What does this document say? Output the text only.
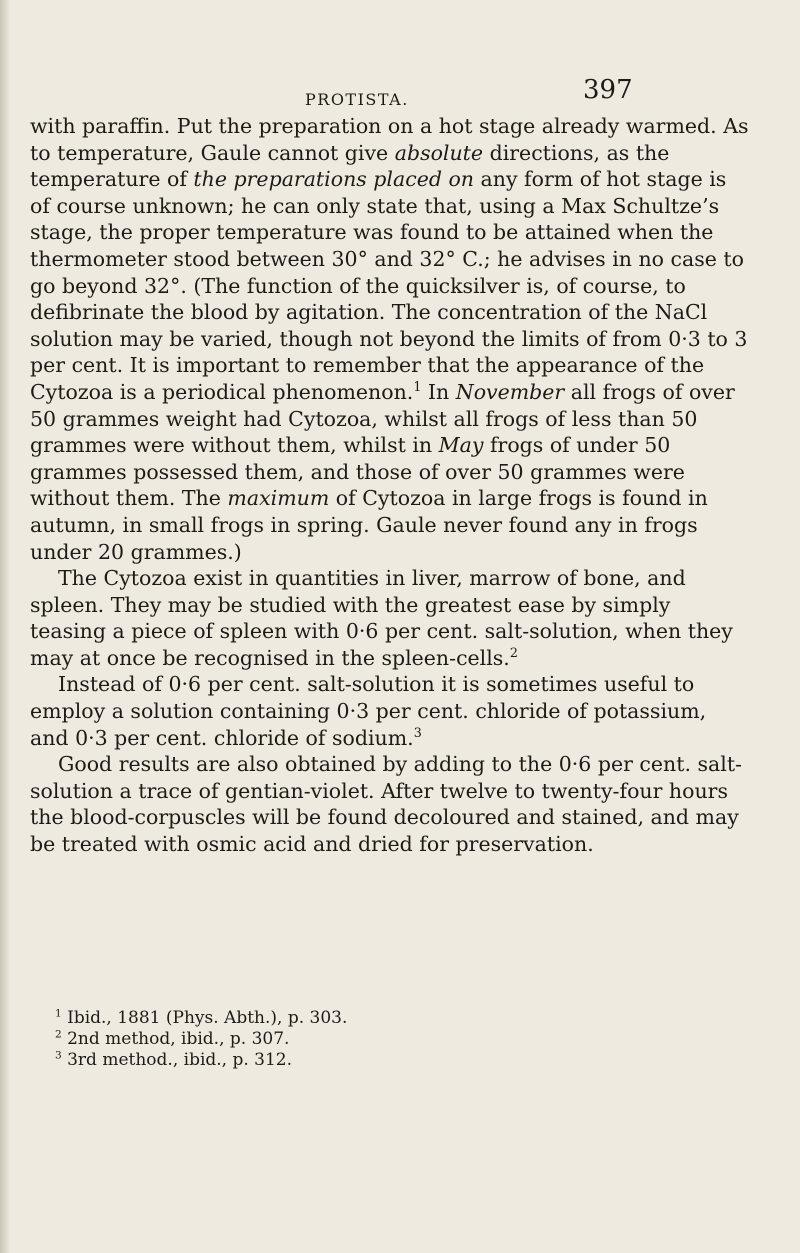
PROTISTA.	397

with paraffin. Put the preparation on a hot stage already warmed. As to temperature, Gaule cannot give absolute directions, as the temperature of the preparations placed on any form of hot stage is of course unknown; he can only state that, using a Max Schultze’s stage, the proper temperature was found to be attained when the thermometer stood between 30° and 32° C.; he advises in no case to go beyond 32°. (The function of the quicksilver is, of course, to defibrinate the blood by agitation. The concentration of the NaCl solution may be varied, though not beyond the limits of from 0·3 to 3 per cent. It is important to remember that the appearance of the Cytozoa is a periodical phenomenon.$^1$ In November all frogs of over 50 grammes weight had Cytozoa, whilst all frogs of less than 50 grammes were without them, whilst in May frogs of under 50 grammes possessed them, and those of over 50 grammes were without them. The maximum of Cytozoa in large frogs is found in autumn, in small frogs in spring. Gaule never found any in frogs under 20 grammes.)

The Cytozoa exist in quantities in liver, marrow of bone, and spleen. They may be studied with the greatest ease by simply teasing a piece of spleen with 0·6 per cent. salt-solution, when they may at once be recognised in the spleen-cells.$^2$

Instead of 0·6 per cent. salt-solution it is sometimes useful to employ a solution containing 0·3 per cent. chloride of potassium, and 0·3 per cent. chloride of sodium.$^3$

Good results are also obtained by adding to the 0·6 per cent. salt-solution a trace of gentian-violet. After twelve to twenty-four hours the blood-corpuscles will be found decoloured and stained, and may be treated with osmic acid and dried for preservation.

$^1$ Ibid., 1881 (Phys. Abth.), p. 303.
$^2$ 2nd method, ibid., p. 307.
$^3$ 3rd method., ibid., p. 312.
